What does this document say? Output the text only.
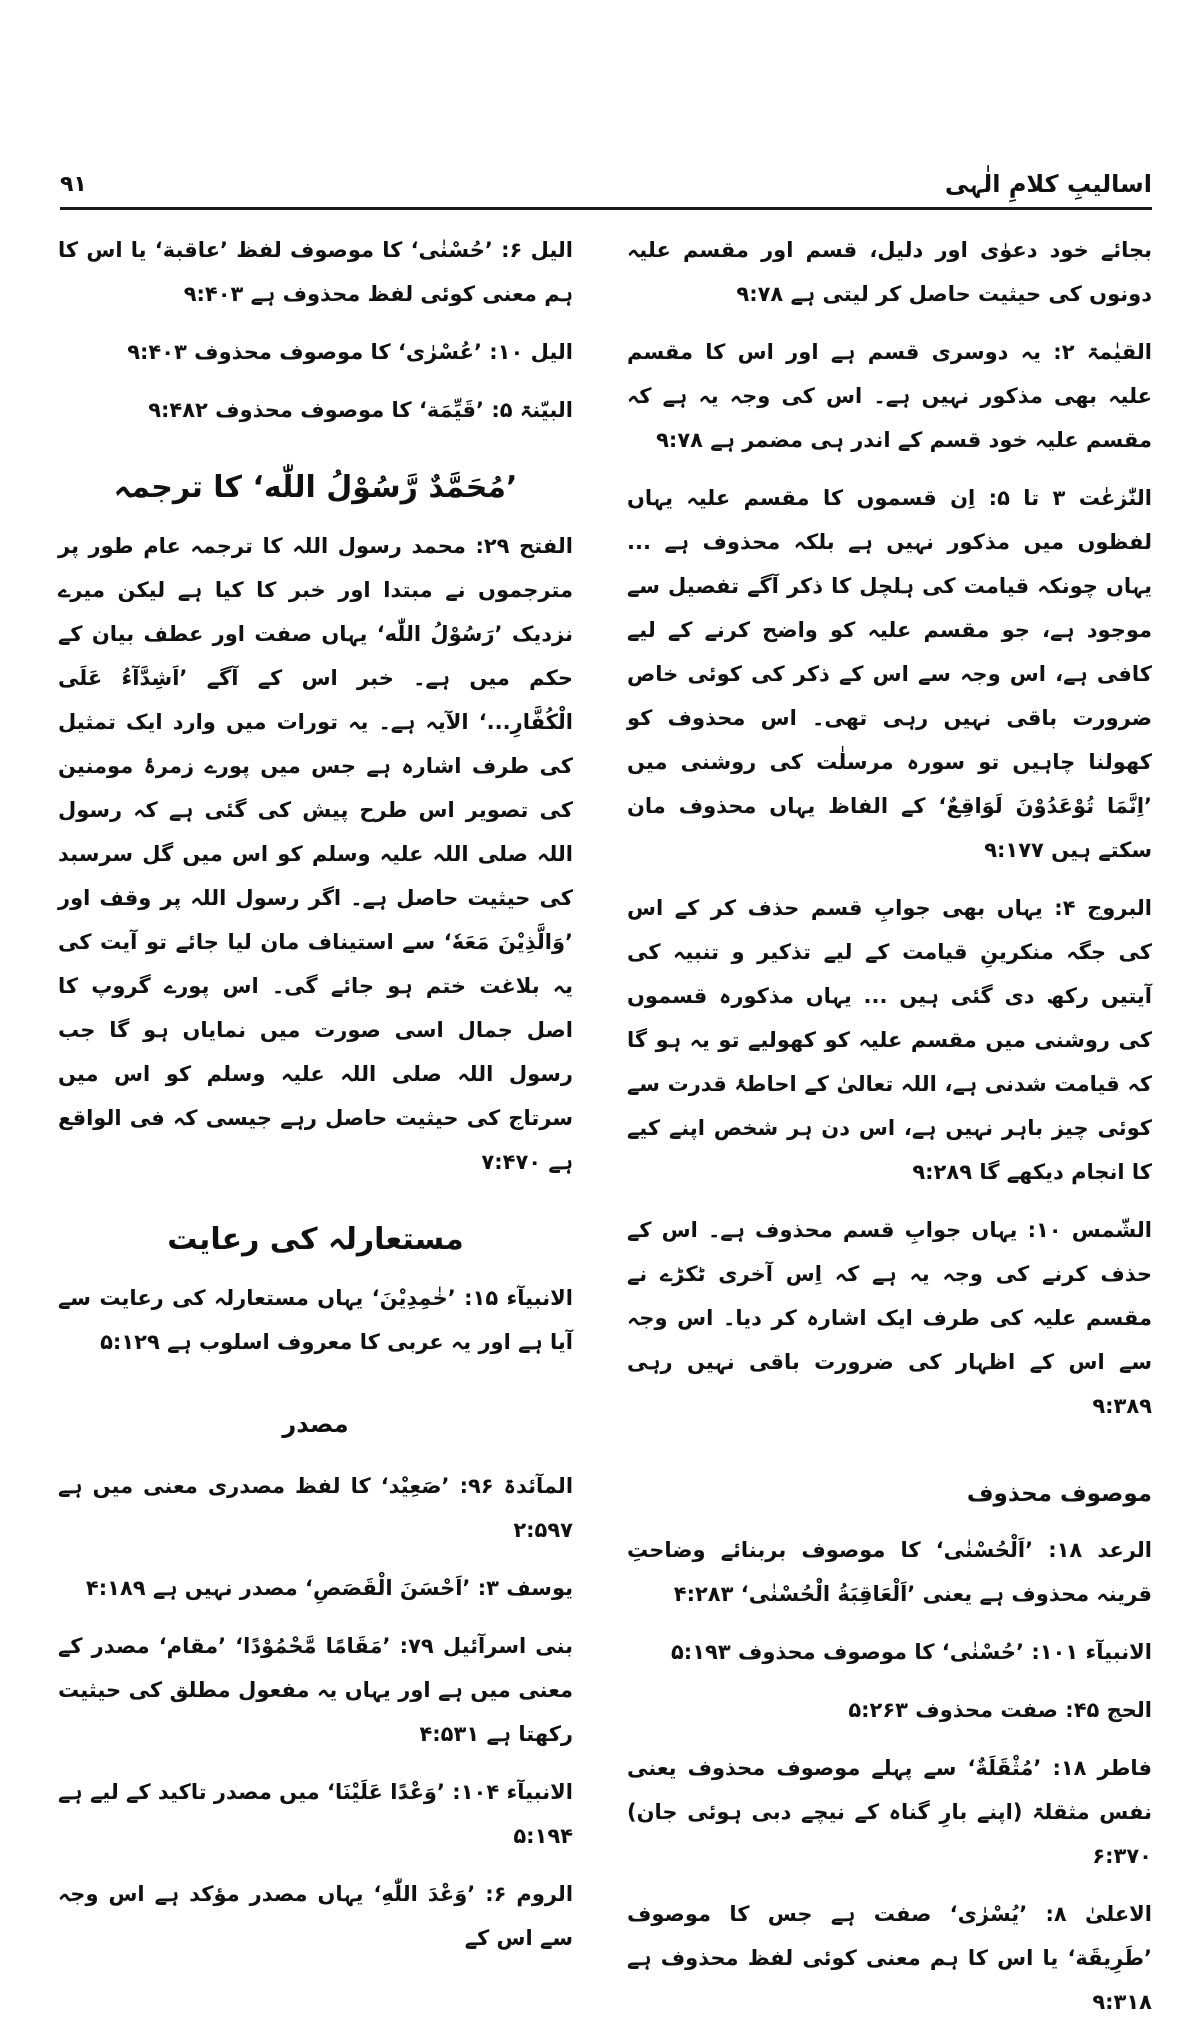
اسالیبِ کلامِ الٰہی
۹۱

بجائے خود دعوٰی اور دلیل، قسم اور مقسم علیہ دونوں کی حیثیت حاصل کر لیتی ہے ۹:۷۸

القیٰمۃ ۲: یہ دوسری قسم ہے اور اس کا مقسم علیہ بھی مذکور نہیں ہے۔ اس کی وجہ یہ ہے کہ مقسم علیہ خود قسم کے اندر ہی مضمر ہے ۹:۷۸

النّٰزعٰت ۳ تا ۵: اِن قسموں کا مقسم علیہ یہاں لفظوں میں مذکور نہیں ہے بلکہ محذوف ہے ... یہاں چونکہ قیامت کی ہلچل کا ذکر آگے تفصیل سے موجود ہے، جو مقسم علیہ کو واضح کرنے کے لیے کافی ہے، اس وجہ سے اس کے ذکر کی کوئی خاص ضرورت باقی نہیں رہی تھی۔ اس محذوف کو کھولنا چاہیں تو سورہ مرسلٰت کی روشنی میں ’اِنَّمَا تُوْعَدُوْنَ لَوَاقِعٌ‘ کے الفاظ یہاں محذوف مان سکتے ہیں ۹:۱۷۷

البروج ۴: یہاں بھی جوابِ قسم حذف کر کے اس کی جگہ منکرینِ قیامت کے لیے تذکیر و تنبیہ کی آیتیں رکھ دی گئی ہیں ... یہاں مذکورہ قسموں کی روشنی میں مقسم علیہ کو کھولیے تو یہ ہو گا کہ قیامت شدنی ہے، اللہ تعالیٰ کے احاطۂ قدرت سے کوئی چیز باہر نہیں ہے، اس دن ہر شخص اپنے کیے کا انجام دیکھے گا ۹:۲۸۹

الشّمس ۱۰: یہاں جوابِ قسم محذوف ہے۔ اس کے حذف کرنے کی وجہ یہ ہے کہ اِس آخری ٹکڑے نے مقسم علیہ کی طرف ایک اشارہ کر دیا۔ اس وجہ سے اس کے اظہار کی ضرورت باقی نہیں رہی ۹:۳۸۹

موصوف محذوف

الرعد ۱۸: ’اَلْحُسْنٰی‘ کا موصوف بربنائے وضاحتِ قرینہ محذوف ہے یعنی ’اَلْعَاقِبَةُ الْحُسْنٰی‘ ۴:۲۸۳

الانبیآء ۱۰۱: ’حُسْنٰی‘ کا موصوف محذوف ۵:۱۹۳

الحج ۴۵: صفت محذوف ۵:۲۶۳

فاطر ۱۸: ’مُثْقَلَةٌ‘ سے پہلے موصوف محذوف یعنی نفس مثقلۃ (اپنے بارِ گناہ کے نیچے دبی ہوئی جان) ۶:۳۷۰

الاعلیٰ ۸: ’یُسْرٰی‘ صفت ہے جس کا موصوف ’طَرِیقَة‘ یا اس کا ہم معنی کوئی لفظ محذوف ہے ۹:۳۱۸

الیل ۶: ’حُسْنٰی‘ کا موصوف لفظ ’عاقبة‘ یا اس کا ہم معنی کوئی لفظ محذوف ہے ۹:۴۰۳

الیل ۱۰: ’عُسْرٰی‘ کا موصوف محذوف ۹:۴۰۳

البیّنۃ ۵: ’قَیِّمَة‘ کا موصوف محذوف ۹:۴۸۲

’مُحَمَّدٌ رَّسُوْلُ اللّٰه‘ کا ترجمہ

الفتح ۲۹: محمد رسول اللہ کا ترجمہ عام طور پر مترجموں نے مبتدا اور خبر کا کیا ہے لیکن میرے نزدیک ’رَسُوْلُ اللّٰه‘ یہاں صفت اور عطف بیان کے حکم میں ہے۔ خبر اس کے آگے ’اَشِدَّآءُ عَلَی الْكُفَّارِ...‘ الآیہ ہے۔ یہ تورات میں وارد ایک تمثیل کی طرف اشارہ ہے جس میں پورے زمرۂ مومنین کی تصویر اس طرح پیش کی گئی ہے کہ رسول اللہ صلی اللہ علیہ وسلم کو اس میں گل سرسبد کی حیثیت حاصل ہے۔ اگر رسول اللہ پر وقف اور ’وَالَّذِیْنَ مَعَهٗ‘ سے استیناف مان لیا جائے تو آیت کی یہ بلاغت ختم ہو جائے گی۔ اس پورے گروپ کا اصل جمال اسی صورت میں نمایاں ہو گا جب رسول اللہ صلی اللہ علیہ وسلم کو اس میں سرتاج کی حیثیت حاصل رہے جیسی کہ فی الواقع ہے ۷:۴۷۰

مستعارلہ کی رعایت

الانبیآء ۱۵: ’خٰمِدِیْنَ‘ یہاں مستعارلہ کی رعایت سے آیا ہے اور یہ عربی کا معروف اسلوب ہے ۵:۱۲۹

مصدر

المآئدۃ ۹۶: ’صَعِیْد‘ کا لفظ مصدری معنی میں ہے ۲:۵۹۷

یوسف ۳: ’اَحْسَنَ الْقَصَصِ‘ مصدر نہیں ہے ۴:۱۸۹

بنی اسرآئیل ۷۹: ’مَقَامًا مَّحْمُوْدًا‘ ’مقام‘ مصدر کے معنی میں ہے اور یہاں یہ مفعول مطلق کی حیثیت رکھتا ہے ۴:۵۳۱

الانبیآء ۱۰۴: ’وَعْدًا عَلَیْنَا‘ میں مصدر تاکید کے لیے ہے ۵:۱۹۴

الروم ۶: ’وَعْدَ اللّٰهِ‘ یہاں مصدر مؤکد ہے اس وجہ سے اس کے
